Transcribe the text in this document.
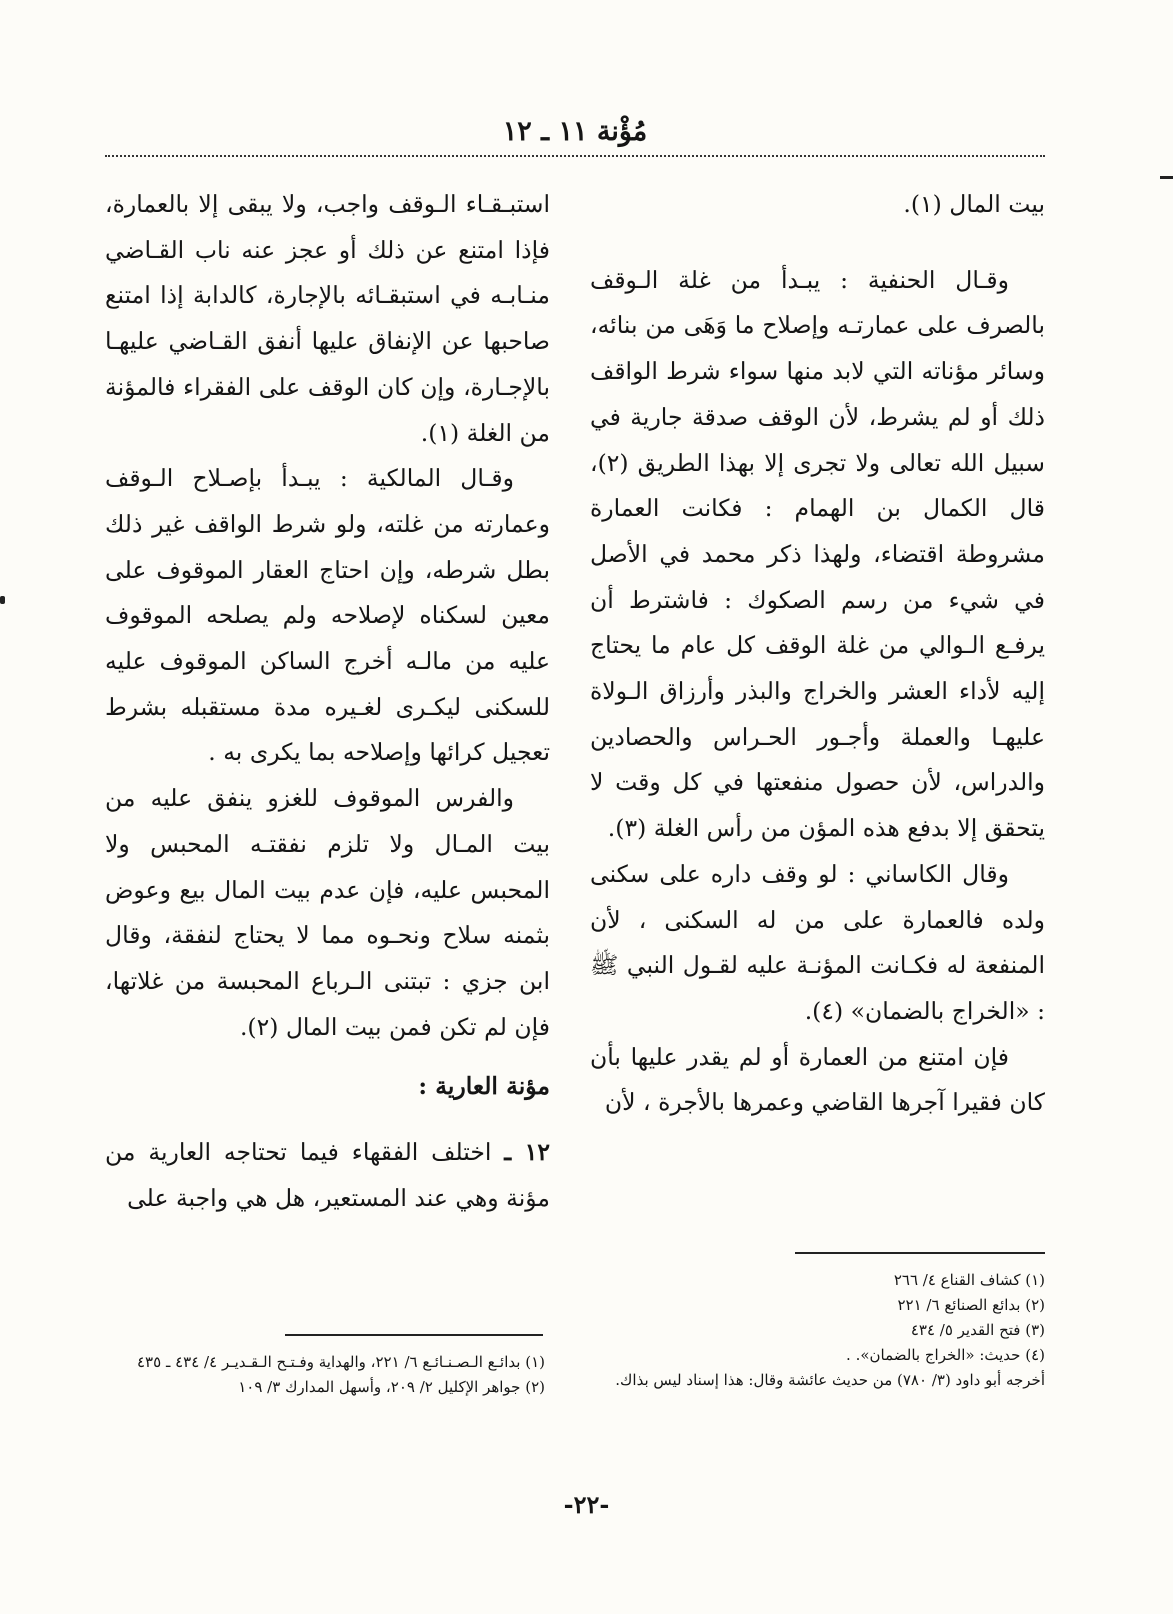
مُؤْنة ١١ ـ ١٢

بيت المال (١).

وقـال الحنفية : يبـدأ من غلة الـوقف بالصرف على عمارتـه وإصلاح ما وَهَى من بنائه، وسائر مؤناته التي لابد منها سواء شرط الواقف ذلك أو لم يشرط، لأن الوقف صدقة جارية في سبيل الله تعالى ولا تجرى إلا بهذا الطريق (٢)، قال الكمال بن الهمام : فكانت العمارة مشروطة اقتضاء، ولهذا ذكر محمد في الأصل في شيء من رسم الصكوك : فاشترط أن يرفـع الـوالي من غلة الوقف كل عام ما يحتاج إليه لأداء العشر والخراج والبذر وأرزاق الـولاة عليهـا والعملة وأجـور الحـراس والحصادين والدراس، لأن حصول منفعتها في كل وقت لا يتحقق إلا بدفع هذه المؤن من رأس الغلة (٣).

وقال الكاساني : لو وقف داره على سكنى ولده فالعمارة على من له السكنى ، لأن المنفعة له فكـانت المؤنـة عليه لقـول النبي ﷺ : «الخراج بالضمان» (٤).

فإن امتنع من العمارة أو لم يقدر عليها بأن كان فقيرا آجرها القاضي وعمرها بالأجرة ، لأن

استبـقـاء الـوقف واجب، ولا يبقى إلا بالعمارة، فإذا امتنع عن ذلك أو عجز عنه ناب القـاضي منـابـه في استبقـائه بالإجارة، كالدابة إذا امتنع صاحبها عن الإنفاق عليها أنفق القـاضي عليهـا بالإجـارة، وإن كان الوقف على الفقراء فالمؤنة من الغلة (١).

وقـال المالكية : يبـدأ بإصـلاح الـوقف وعمارته من غلته، ولو شرط الواقف غير ذلك بطل شرطه، وإن احتاج العقار الموقوف على معين لسكناه لإصلاحه ولم يصلحه الموقوف عليه من مالـه أخرج الساكن الموقوف عليه للسكنى ليكـرى لغـيره مدة مستقبله بشرط تعجيل كرائها وإصلاحه بما يكرى به .

والفرس الموقوف للغزو ينفق عليه من بيت المـال ولا تلزم نفقتـه المحبس ولا المحبس عليه، فإن عدم بيت المال بيع وعوض بثمنه سلاح ونحـوه مما لا يحتاج لنفقة، وقال ابن جزي : تبتنى الـرباع المحبسة من غلاتها، فإن لم تكن فمن بيت المال (٢).

مؤنة العارية :

١٢ ـ اختلف الفقهاء فيما تحتاجه العارية من مؤنة وهي عند المستعير، هل هي واجبة على

(١) كشاف القناع ٤/ ٢٦٦

(٢) بدائع الصنائع ٦/ ٢٢١

(٣) فتح القدير ٥/ ٤٣٤

(٤) حديث: «الخراج بالضمان». .

أخرجه أبو داود (٣/ ٧٨٠) من حديث عائشة وقال: هذا إسناد ليس بذاك.

(١) بدائـع الـصـنـائـع ٦/ ٢٢١، والهداية وفـتـح الـقـديـر ٤/ ٤٣٤ ـ ٤٣٥

(٢) جواهر الإكليل ٢/ ٢٠٩، وأسهل المدارك ٣/ ١٠٩

-٢٢-
